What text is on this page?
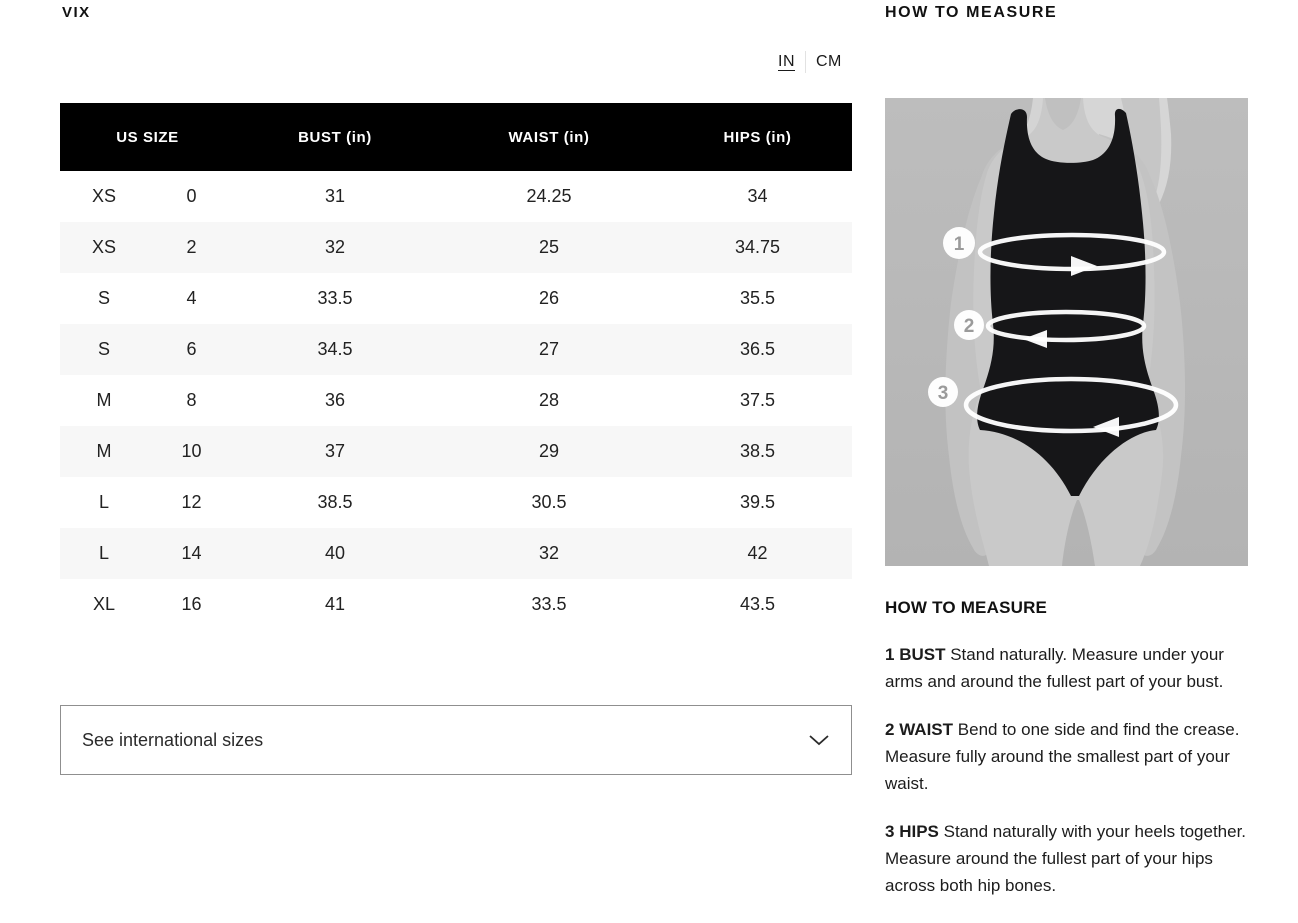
VIX
IN CM
US SIZE	BUST (in)	WAIST (in)	HIPS (in)
XS	0	31	24.25	34
XS	2	32	25	34.75
S	4	33.5	26	35.5
S	6	34.5	27	36.5
M	8	36	28	37.5
M	10	37	29	38.5
L	12	38.5	30.5	39.5
L	14	40	32	42
XL	16	41	33.5	43.5
See international sizes
HOW TO MEASURE
1
2
3
HOW TO MEASURE

1 BUST Stand naturally. Measure under your arms and around the fullest part of your bust.

2 WAIST Bend to one side and find the crease. Measure fully around the smallest part of your waist.

3 HIPS Stand naturally with your heels together. Measure around the fullest part of your hips across both hip bones.
